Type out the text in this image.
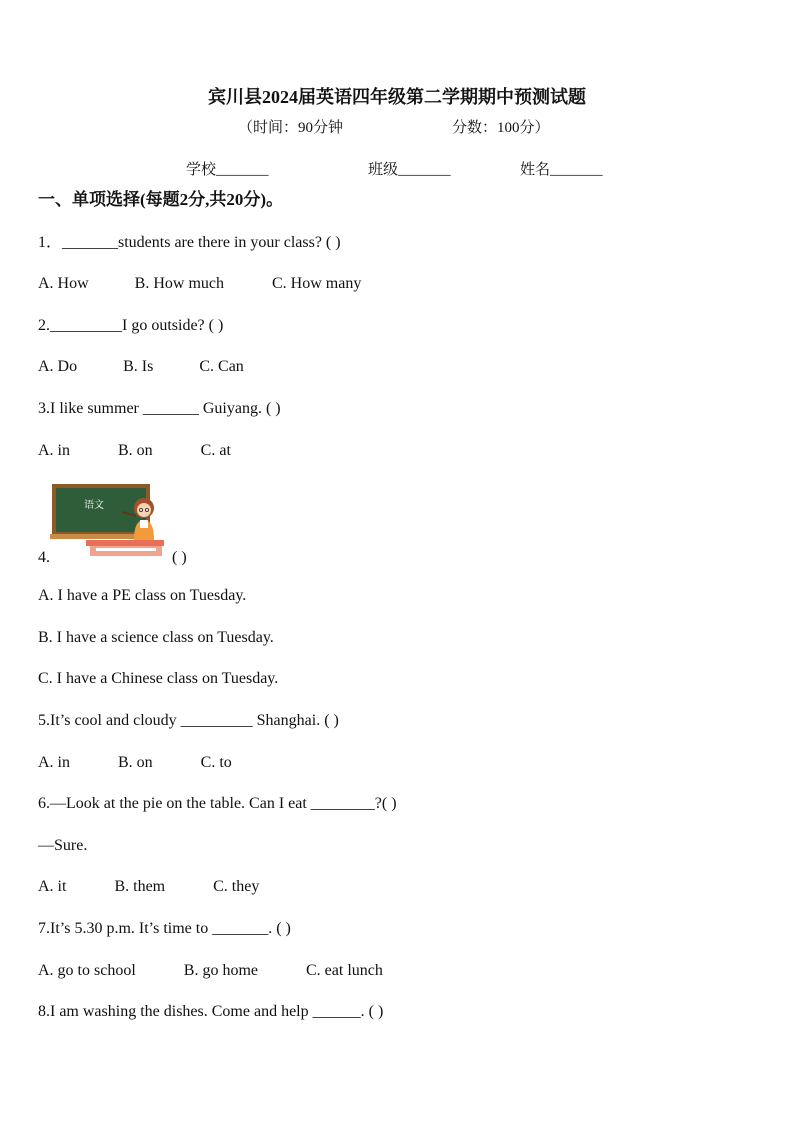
宾川县2024届英语四年级第二学期期中预测试题
（时间：90分钟	分数：100分）
学校_______	班级_______	姓名_______
一、单项选择(每题2分,共20分)。
1．_______students are there in your class? ( )
A. How	B. How much	C. How many
2._________I go outside? ( )
A. Do	B. Is	C. Can
3.I like summer _______ Guiyang. ( )
A. in	B. on	C. at
语文
4.	( )
A. I have a PE class on Tuesday.
B. I have a science class on Tuesday.
C. I have a Chinese class on Tuesday.
5.It’s cool and cloudy _________ Shanghai. ( )
A. in	B. on	C. to
6.—Look at the pie on the table. Can I eat ________?( )
—Sure.
A. it	B. them	C. they
7.It’s 5.30 p.m. It’s time to _______. ( )
A. go to school	B. go home	C. eat lunch
8.I am washing the dishes. Come and help ______. ( )
